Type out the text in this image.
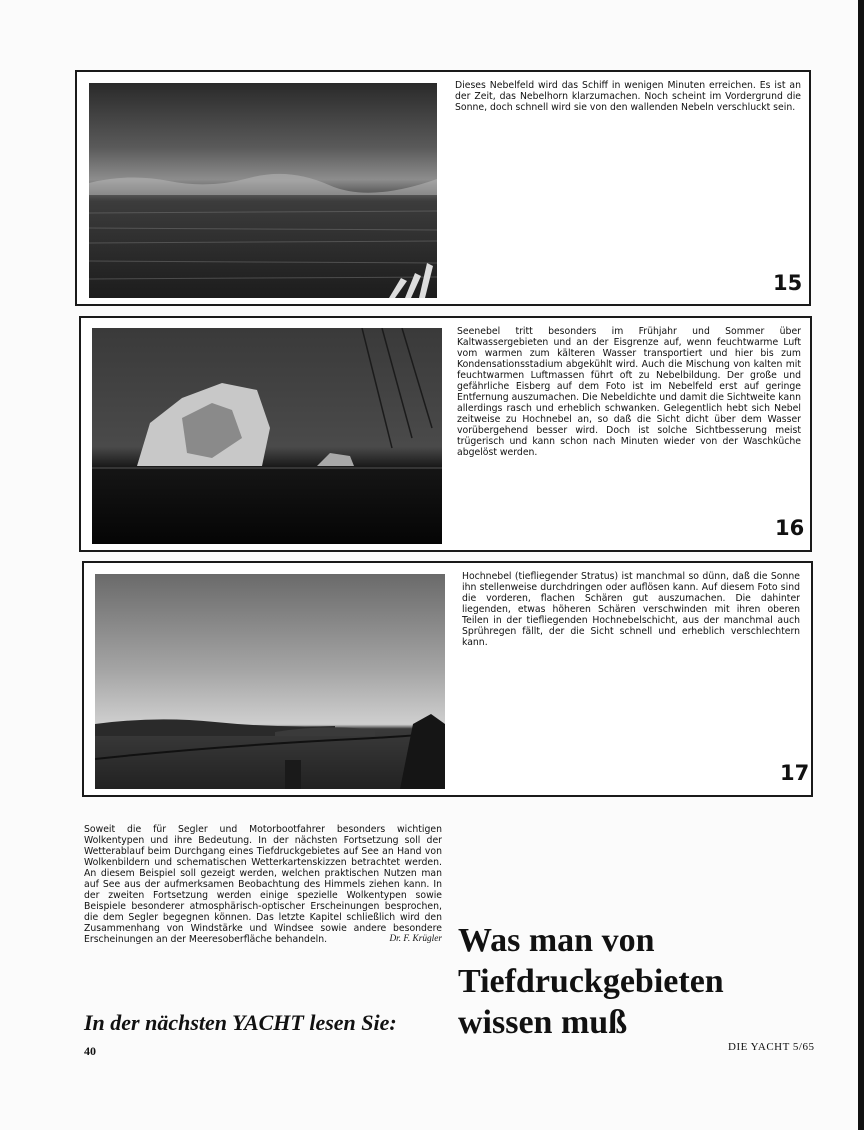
Dieses Nebelfeld wird das Schiff in wenigen Minuten erreichen. Es ist an der Zeit, das Nebelhorn klarzumachen. Noch scheint im Vordergrund die Sonne, doch schnell wird sie von den wallenden Nebeln verschluckt sein.
15
Seenebel tritt besonders im Frühjahr und Sommer über Kaltwassergebieten und an der Eisgrenze auf, wenn feuchtwarme Luft vom warmen zum kälteren Wasser transportiert und hier bis zum Kondensationsstadium abgekühlt wird. Auch die Mischung von kalten mit feuchtwarmen Luftmassen führt oft zu Nebelbildung. Der große und gefährliche Eisberg auf dem Foto ist im Nebelfeld erst auf geringe Entfernung auszumachen. Die Nebeldichte und damit die Sichtweite kann allerdings rasch und erheblich schwanken. Gelegentlich hebt sich Nebel zeitweise zu Hochnebel an, so daß die Sicht dicht über dem Wasser vorübergehend besser wird. Doch ist solche Sichtbesserung meist trügerisch und kann schon nach Minuten wieder von der Waschküche abgelöst werden.
16
Hochnebel (tiefliegender Stratus) ist manchmal so dünn, daß die Sonne ihn stellenweise durchdringen oder auflösen kann. Auf diesem Foto sind die vorderen, flachen Schären gut auszumachen. Die dahinter liegenden, etwas höheren Schären verschwinden mit ihren oberen Teilen in der tiefliegenden Hochnebelschicht, aus der manchmal auch Sprühregen fällt, der die Sicht schnell und erheblich verschlechtern kann.
17
Soweit die für Segler und Motorbootfahrer besonders wichtigen Wolkentypen und ihre Bedeutung. In der nächsten Fortsetzung soll der Wetterablauf beim Durchgang eines Tiefdruckgebietes auf See an Hand von Wolkenbildern und schematischen Wetterkartenskizzen betrachtet werden. An diesem Beispiel soll gezeigt werden, welchen praktischen Nutzen man auf See aus der aufmerksamen Beobachtung des Himmels ziehen kann. In der zweiten Fortsetzung werden einige spezielle Wolkentypen sowie Beispiele besonderer atmosphärisch-optischer Erscheinungen besprochen, die dem Segler begegnen können. Das letzte Kapitel schließlich wird den Zusammenhang von Windstärke und Windsee sowie andere besondere Erscheinungen an der Meeresoberfläche behandeln.	Dr. F. Krügler Was man von
Tiefdruckgebieten
wissen muß
In der nächsten YACHT lesen Sie:
40	DIE YACHT 5/65
